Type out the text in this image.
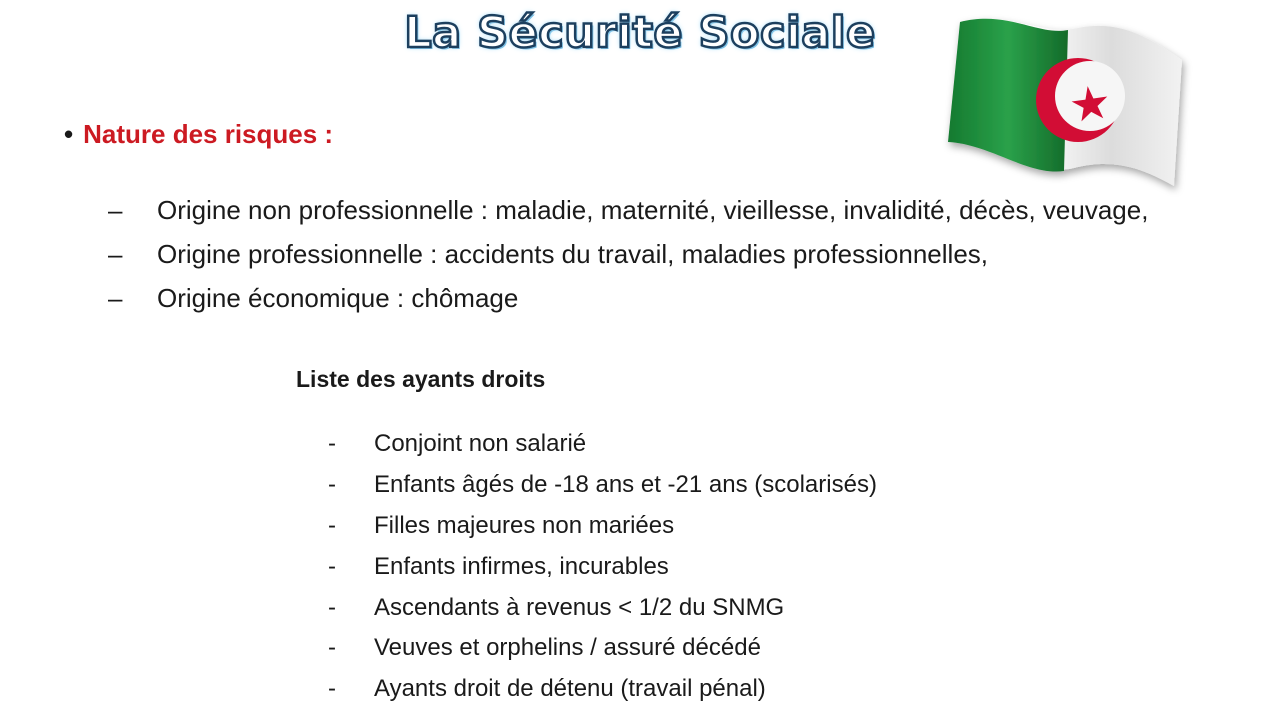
La Sécurité Sociale
• Nature des risques :
–	Origine non professionnelle : maladie, maternité, vieillesse, invalidité, décès, veuvage,
–	Origine professionnelle : accidents du travail, maladies professionnelles,
–	Origine économique : chômage
Liste des ayants droits
-	Conjoint non salarié
-	Enfants âgés de -18 ans et -21 ans (scolarisés)
-	Filles majeures non mariées
-	Enfants infirmes, incurables
-	Ascendants à revenus < 1/2 du SNMG
-	Veuves et orphelins / assuré décédé
-	Ayants droit de détenu (travail pénal)
